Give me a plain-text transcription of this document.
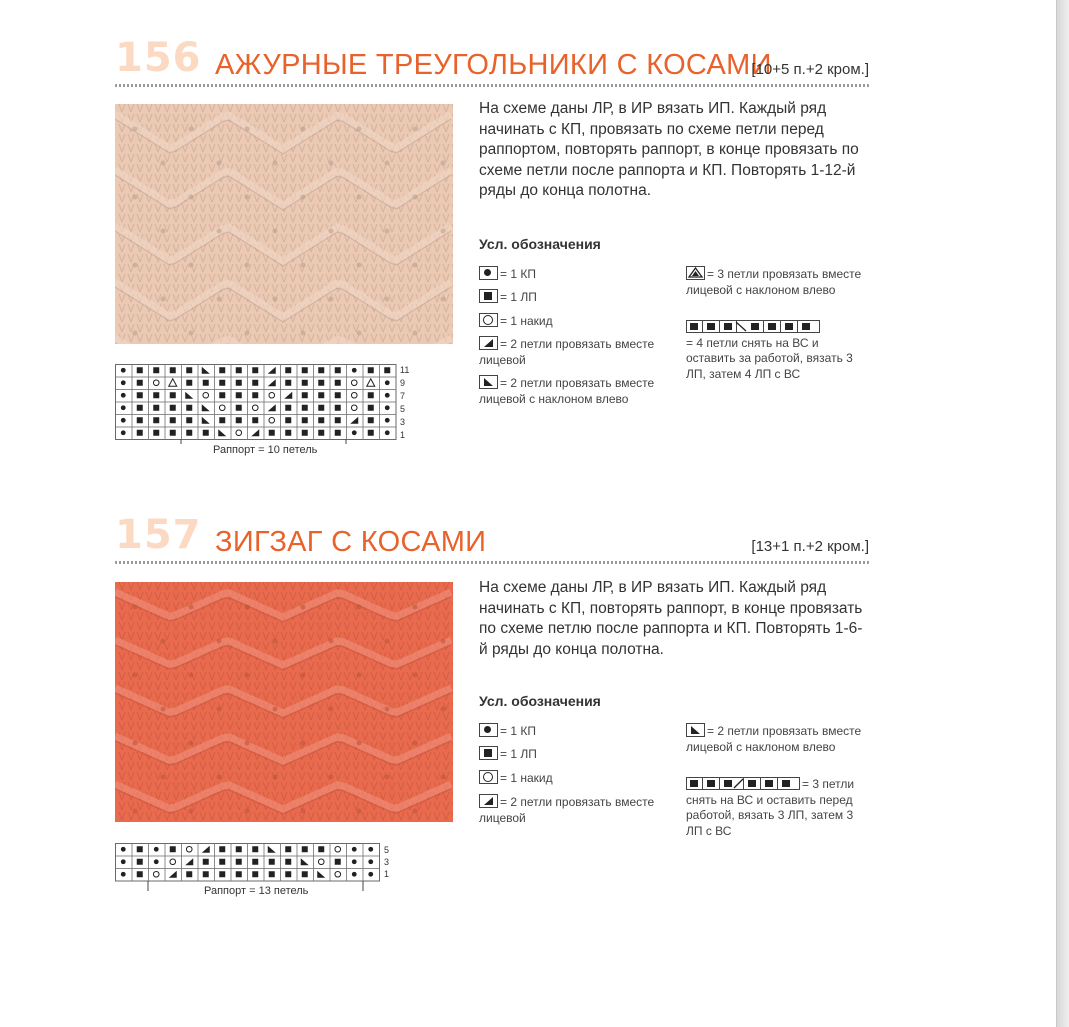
156 АЖУРНЫЕ ТРЕУГОЛЬНИКИ С КОСАМИ
[10+5 п.+2 кром.]
На схеме даны ЛР, в ИР вязать ИП. Каждый ряд начинать с КП, провязать по схеме петли перед раппортом, повторять раппорт, в конце провязать по схеме петли после раппорта и КП. Повторять 1-12-й ряды до конца полотна.
Усл. обозначения
= 1 КП
= 1 ЛП
= 1 накид
= 2 петли провязать вместе лицевой
= 2 петли провязать вместе лицевой с наклоном влево
= 3 петли провязать вместе лицевой с наклоном влево

= 4 петли снять на ВС и оставить за работой, вязать 3 ЛП, затем 4 ЛП с ВС
11
9
7
5
3
1
Раппорт = 10 петель
157 ЗИГЗАГ С КОСАМИ	[13+1 п.+2 кром.]
На схеме даны ЛР, в ИР вязать ИП. Каждый ряд начинать с КП, повторять раппорт, в конце провязать по схеме петлю после раппорта и КП. Повторять 1-6-й ряды до конца полотна.
Усл. обозначения
= 1 КП
= 1 ЛП
= 1 накид
= 2 петли провязать вместе лицевой
= 2 петли провязать вместе лицевой с наклоном влево
= 3 петли снять на ВС и оставить перед работой, вязать 3 ЛП, затем 3 ЛП с ВС
5
3
1
Раппорт = 13 петель
